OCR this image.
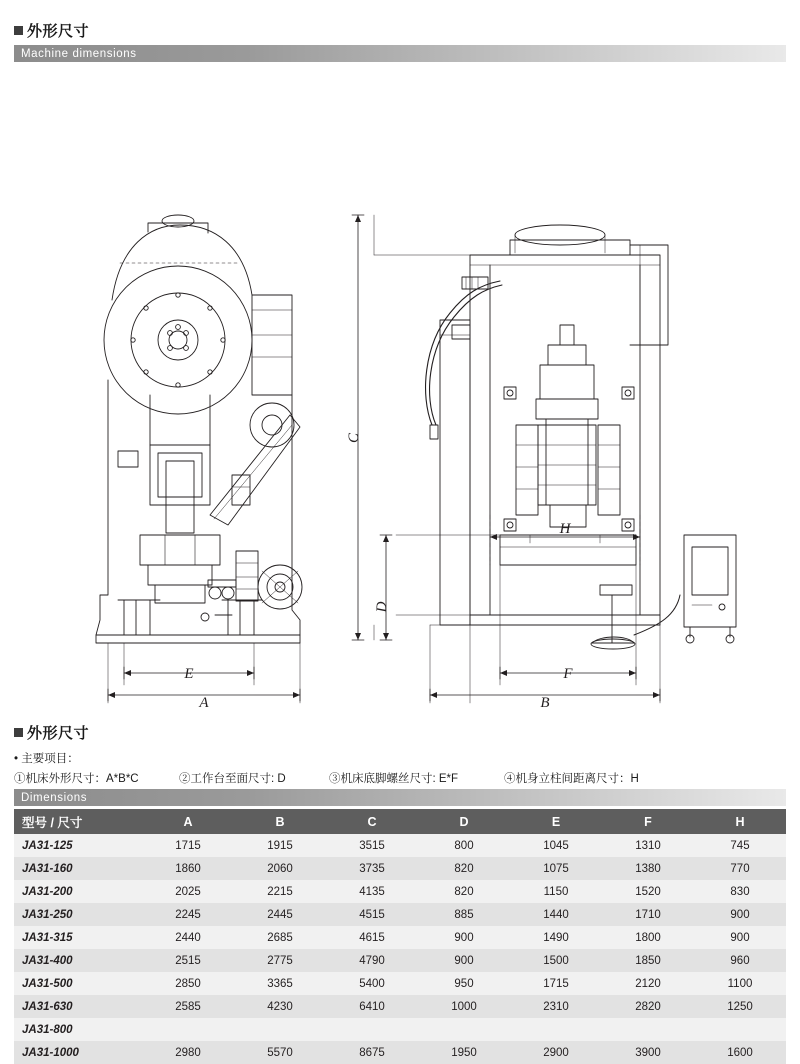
外形尺寸
Machine dimensions
E
A
C
D
H
F
B
外形尺寸
• 主要项目：
①机床外形尺寸：A*B*C	②工作台至面尺寸: D	③机床底脚螺丝尺寸: E*F	④机身立柱间距离尺寸：H
Dimensions
型号 / 尺寸	A	B	C	D	E	F	H
JA31-125	1715	1915	3515	800	1045	1310	745
JA31-160	1860	2060	3735	820	1075	1380	770
JA31-200	2025	2215	4135	820	1150	1520	830
JA31-250	2245	2445	4515	885	1440	1710	900
JA31-315	2440	2685	4615	900	1490	1800	900
JA31-400	2515	2775	4790	900	1500	1850	960
JA31-500	2850	3365	5400	950	1715	2120	1100
JA31-630	2585	4230	6410	1000	2310	2820	1250
JA31-800							
JA31-1000	2980	5570	8675	1950	2900	3900	1600
